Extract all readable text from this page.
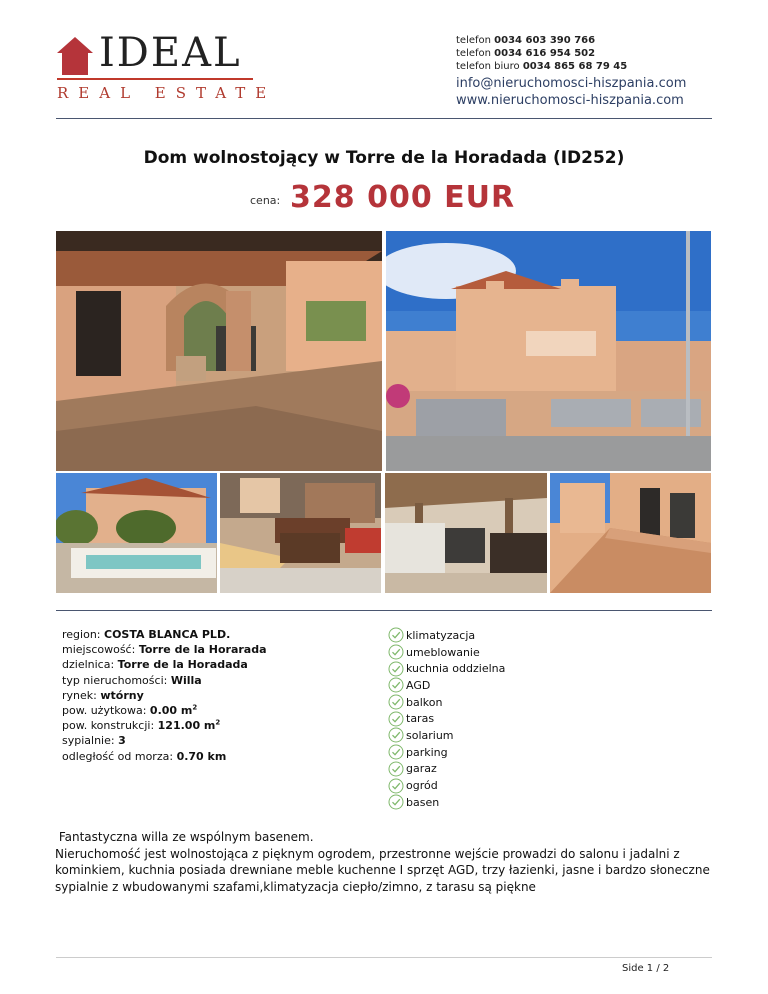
IDEAL
REAL ESTATE
telefon 0034 603 390 766
telefon 0034 616 954 502
telefon biuro 0034 865 68 79 45
info@nieruchomosci-hiszpania.com
www.nieruchomosci-hiszpania.com
Dom wolnostojący w Torre de la Horadada (ID252)
cena: 328 000 EUR
region: COSTA BLANCA PLD.
miejscowość: Torre de la Horarada
dzielnica: Torre de la Horadada
typ nieruchomości: Willa
rynek: wtórny
pow. użytkowa: 0.00 $m^2$
pow. konstrukcji: 121.00 $m^2$
sypialnie: 3
odległość od morza: 0.70 km
klimatyzacja
umeblowanie
kuchnia oddzielna
AGD
balkon
taras
solarium
parking
garaz
ogród
basen
Fantastyczna willa ze wspólnym basenem.
Nieruchomość jest wolnostojąca z pięknym ogrodem, przestronne wejście prowadzi do salonu i jadalni z kominkiem, kuchnia posiada drewniane meble kuchenne I sprzęt AGD, trzy łazienki, jasne i bardzo słoneczne sypialnie z wbudowanymi szafami,klimatyzacja ciepło/zimno, z tarasu są piękne
Side 1 / 2
